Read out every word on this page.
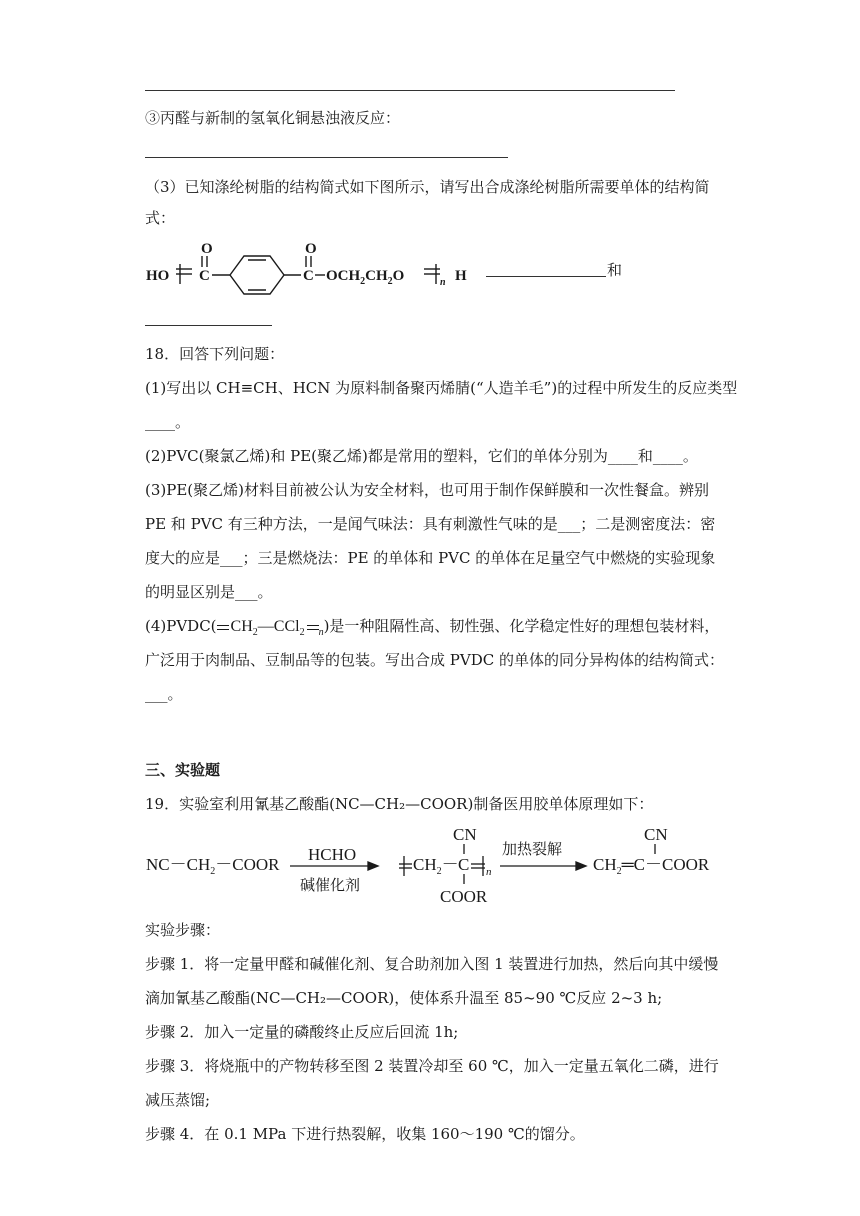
③丙醛与新制的氢氧化铜悬浊液反应：
（3）已知涤纶树脂的结构简式如下图所示，请写出合成涤纶树脂所需要单体的结构简
式：
HO C
O
C
O
$OCH_2CH_2O$	n H	和
18．回答下列问题：
(1)写出以 CH≡CH、HCN 为原料制备聚丙烯腈(“人造羊毛”)的过程中所发生的反应类型
____。
(2)PVC(聚氯乙烯)和 PE(聚乙烯)都是常用的塑料，它们的单体分别为____和____。
(3)PE(聚乙烯)材料目前被公认为安全材料，也可用于制作保鲜膜和一次性餐盒。辨别
PE 和 PVC 有三种方法，一是闻气味法：具有刺激性气味的是___；二是测密度法：密
度大的应是___；三是燃烧法：PE 的单体和 PVC 的单体在足量空气中燃烧的实验现象
的明显区别是___。
(4)PVDC( $CH_2—CCl_2$ $_n$)是一种阻隔性高、韧性强、化学稳定性好的理想包装材料，
广泛用于肉制品、豆制品等的包装。写出合成 PVDC 的单体的同分异构体的结构简式：
___。
三、实验题
19．实验室利用氰基乙酸酯(NC—CH₂—COOR)制备医用胶单体原理如下：
$NC-CH_2-COOR$
HCHO
碱催化剂
$CH_2- C$
CN
COOR
n
加热裂解
$CH_2═C-COOR$
CN
实验步骤：
步骤 1．将一定量甲醛和碱催化剂、复合助剂加入图 1 装置进行加热，然后向其中缓慢
滴加氰基乙酸酯(NC—CH₂—COOR)，使体系升温至 85~90 ℃反应 2~3 h;
步骤 2．加入一定量的磷酸终止反应后回流 1h;
步骤 3．将烧瓶中的产物转移至图 2 装置冷却至 60 ℃，加入一定量五氧化二磷，进行
减压蒸馏;
步骤 4．在 0.1 MPa 下进行热裂解，收集 160～190 ℃的馏分。
